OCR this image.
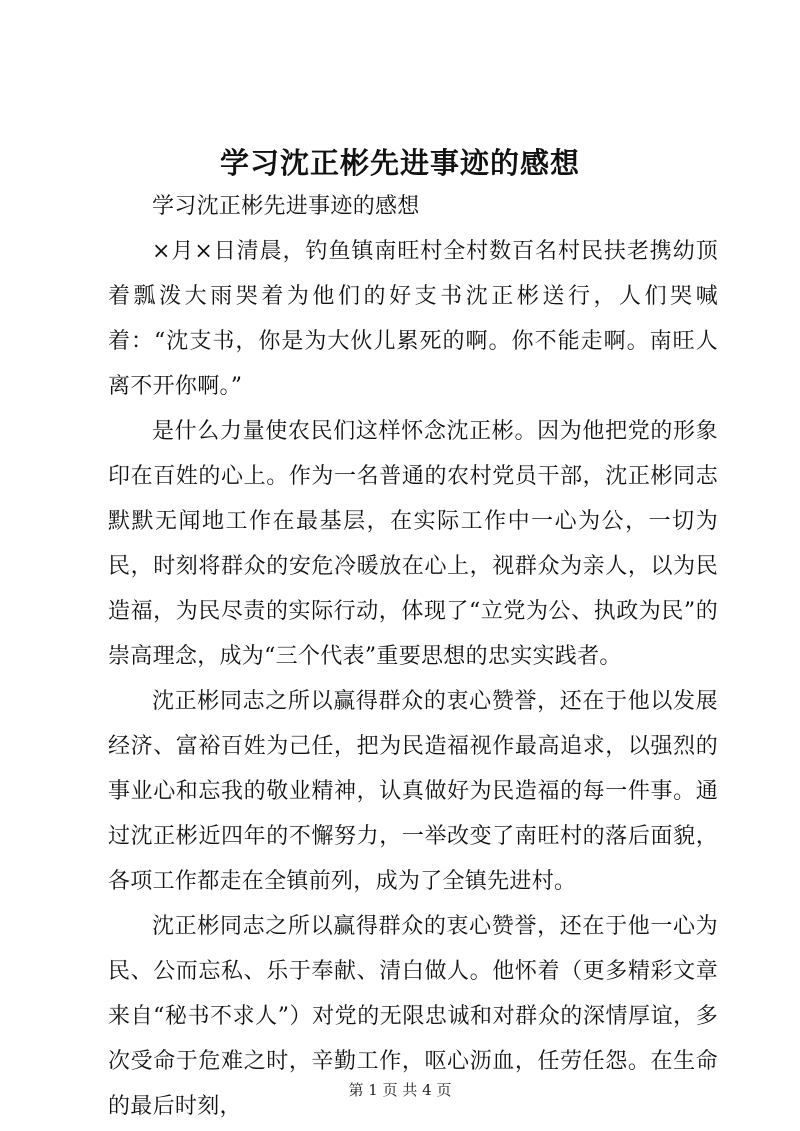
学习沈正彬先进事迹的感想

学习沈正彬先进事迹的感想

×月×日清晨，钓鱼镇南旺村全村数百名村民扶老携幼顶着瓢泼大雨哭着为他们的好支书沈正彬送行，人们哭喊着：“沈支书，你是为大伙儿累死的啊。你不能走啊。南旺人离不开你啊。”

是什么力量使农民们这样怀念沈正彬。因为他把党的形象印在百姓的心上。作为一名普通的农村党员干部，沈正彬同志默默无闻地工作在最基层，在实际工作中一心为公，一切为民，时刻将群众的安危冷暖放在心上，视群众为亲人，以为民造福，为民尽责的实际行动，体现了“立党为公、执政为民”的崇高理念，成为“三个代表”重要思想的忠实实践者。

沈正彬同志之所以赢得群众的衷心赞誉，还在于他以发展经济、富裕百姓为己任，把为民造福视作最高追求，以强烈的事业心和忘我的敬业精神，认真做好为民造福的每一件事。通过沈正彬近四年的不懈努力，一举改变了南旺村的落后面貌，各项工作都走在全镇前列，成为了全镇先进村。

沈正彬同志之所以赢得群众的衷心赞誉，还在于他一心为民、公而忘私、乐于奉献、清白做人。他怀着（更多精彩文章来自“秘书不求人”）对党的无限忠诚和对群众的深情厚谊，多次受命于危难之时，辛勤工作，呕心沥血，任劳任怨。在生命的最后时刻，

第 1 页 共 4 页
